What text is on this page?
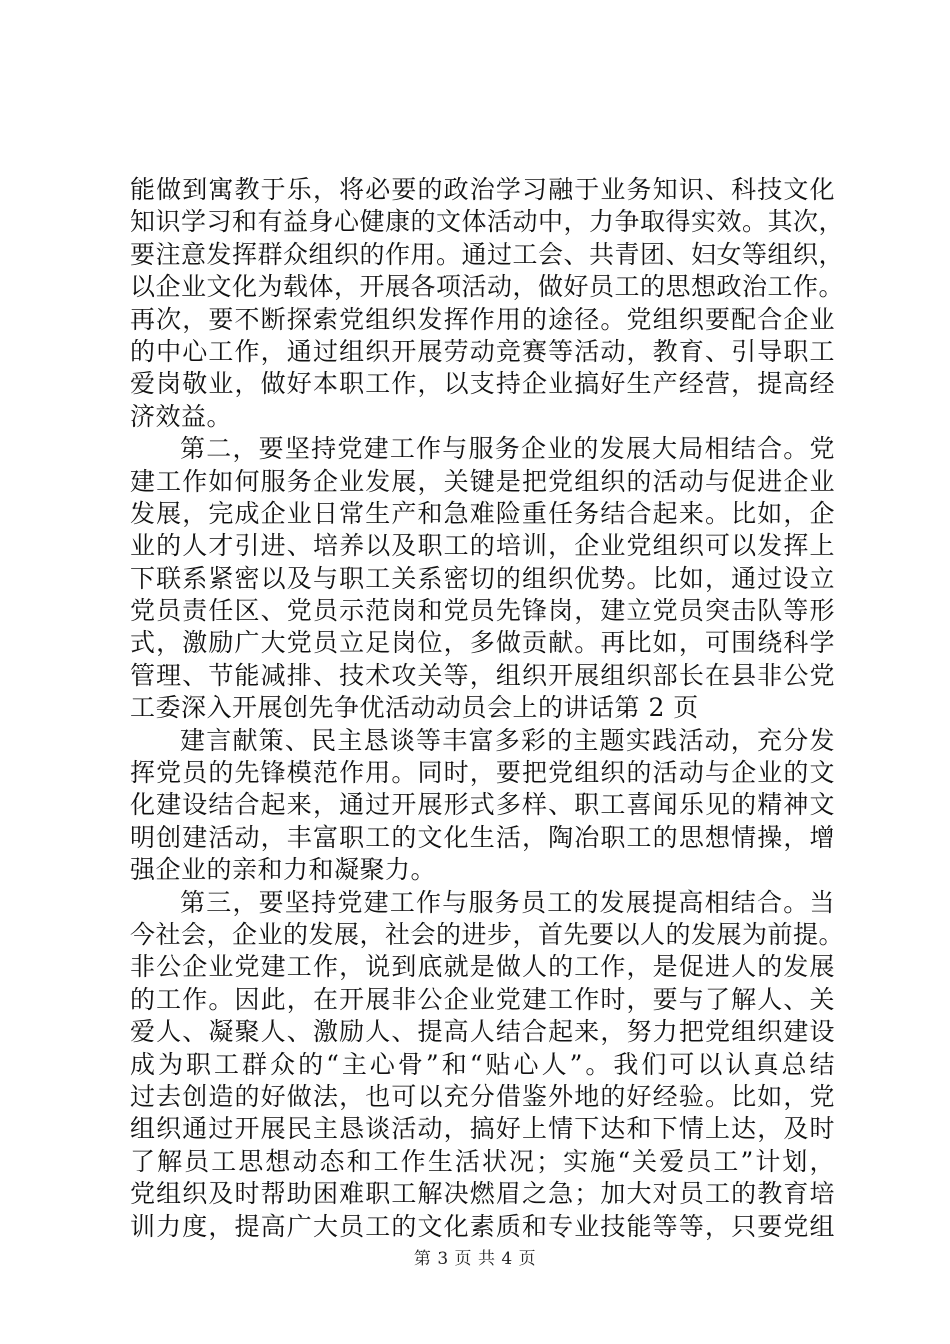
能做到寓教于乐，将必要的政治学习融于业务知识、科技文化
知识学习和有益身心健康的文体活动中，力争取得实效。其次，
要注意发挥群众组织的作用。通过工会、共青团、妇女等组织，
以企业文化为载体，开展各项活动，做好员工的思想政治工作。
再次，要不断探索党组织发挥作用的途径。党组织要配合企业
的中心工作，通过组织开展劳动竞赛等活动，教育、引导职工
爱岗敬业，做好本职工作，以支持企业搞好生产经营，提高经
济效益。
第二，要坚持党建工作与服务企业的发展大局相结合。党
建工作如何服务企业发展，关键是把党组织的活动与促进企业
发展，完成企业日常生产和急难险重任务结合起来。比如，企
业的人才引进、培养以及职工的培训，企业党组织可以发挥上
下联系紧密以及与职工关系密切的组织优势。比如，通过设立
党员责任区、党员示范岗和党员先锋岗，建立党员突击队等形
式，激励广大党员立足岗位，多做贡献。再比如，可围绕科学
管理、节能减排、技术攻关等，组织开展组织部长在县非公党
工委深入开展创先争优活动动员会上的讲话第 2 页
建言献策、民主恳谈等丰富多彩的主题实践活动，充分发
挥党员的先锋模范作用。同时，要把党组织的活动与企业的文
化建设结合起来，通过开展形式多样、职工喜闻乐见的精神文
明创建活动，丰富职工的文化生活，陶冶职工的思想情操，增
强企业的亲和力和凝聚力。
第三，要坚持党建工作与服务员工的发展提高相结合。当
今社会，企业的发展，社会的进步，首先要以人的发展为前提。
非公企业党建工作，说到底就是做人的工作，是促进人的发展
的工作。因此，在开展非公企业党建工作时，要与了解人、关
爱人、凝聚人、激励人、提高人结合起来，努力把党组织建设
成为职工群众的“主心骨”和“贴心人”。我们可以认真总结
过去创造的好做法，也可以充分借鉴外地的好经验。比如，党
组织通过开展民主恳谈活动，搞好上情下达和下情上达，及时
了解员工思想动态和工作生活状况；实施“关爱员工”计划，
党组织及时帮助困难职工解决燃眉之急；加大对员工的教育培
训力度，提高广大员工的文化素质和专业技能等等，只要党组
第 3 页 共 4 页
